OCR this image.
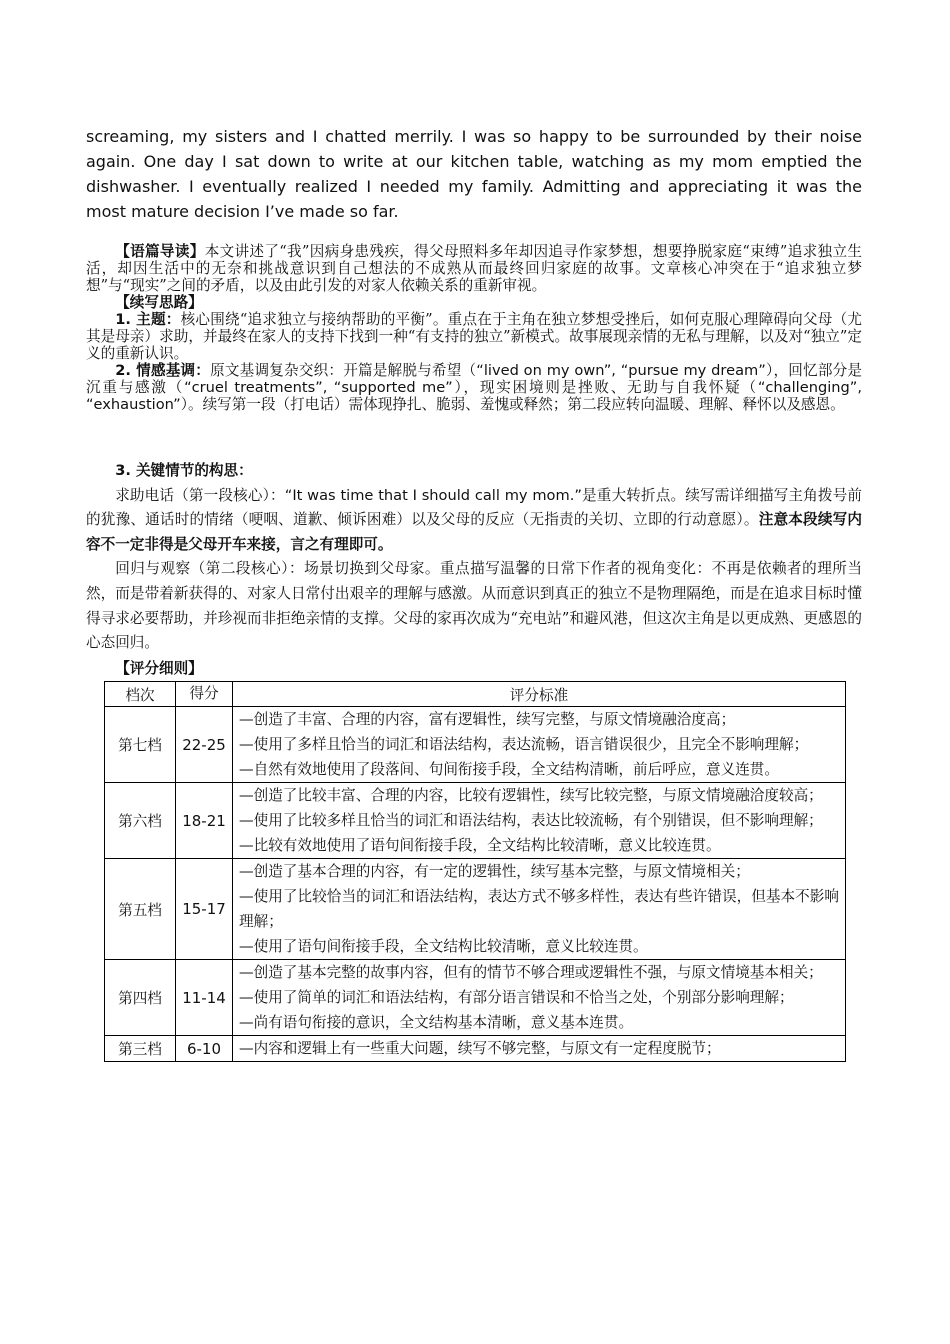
screaming, my sisters and I chatted merrily. I was so happy to be surrounded by their noise again. One day I sat down to write at our kitchen table, watching as my mom emptied the dishwasher. I eventually realized I needed my family. Admitting and appreciating it was the most mature decision I’ve made so far.

【语篇导读】本文讲述了“我”因病身患残疾，得父母照料多年却因追寻作家梦想，想要挣脱家庭“束缚”追求独立生活，却因生活中的无奈和挑战意识到自己想法的不成熟从而最终回归家庭的故事。文章核心冲突在于“追求独立梦想”与“现实”之间的矛盾，以及由此引发的对家人依赖关系的重新审视。

【续写思路】

1. 主题：核心围绕“追求独立与接纳帮助的平衡”。重点在于主角在独立梦想受挫后，如何克服心理障碍向父母（尤其是母亲）求助，并最终在家人的支持下找到一种“有支持的独立”新模式。故事展现亲情的无私与理解，以及对“独立”定义的重新认识。

2. 情感基调：原文基调复杂交织：开篇是解脱与希望（“lived on my own”, “pursue my dream”），回忆部分是沉重与感激（“cruel treatments”, “supported me”），现实困境则是挫败、无助与自我怀疑（“challenging”, “exhaustion”）。续写第一段（打电话）需体现挣扎、脆弱、羞愧或释然；第二段应转向温暖、理解、释怀以及感恩。

3. 关键情节的构思：

求助电话（第一段核心）：“It was time that I should call my mom.”是重大转折点。续写需详细描写主角拨号前的犹豫、通话时的情绪（哽咽、道歉、倾诉困难）以及父母的反应（无指责的关切、立即的行动意愿）。注意本段续写内容不一定非得是父母开车来接，言之有理即可。

回归与观察（第二段核心）：场景切换到父母家。重点描写温馨的日常下作者的视角变化：不再是依赖者的理所当然，而是带着新获得的、对家人日常付出艰辛的理解与感激。从而意识到真正的独立不是物理隔绝，而是在追求目标时懂得寻求必要帮助，并珍视而非拒绝亲情的支撑。父母的家再次成为“充电站”和避风港，但这次主角是以更成熟、更感恩的心态回归。

【评分细则】
档次	得分	评分标准
第七档	22-25	—创造了丰富、合理的内容，富有逻辑性，续写完整，与原文情境融洽度高；
—使用了多样且恰当的词汇和语法结构，表达流畅，语言错误很少，且完全不影响理解；
—自然有效地使用了段落间、句间衔接手段，全文结构清晰，前后呼应，意义连贯。

第六档	18-21	—创造了比较丰富、合理的内容，比较有逻辑性，续写比较完整，与原文情境融洽度较高；
—使用了比较多样且恰当的词汇和语法结构，表达比较流畅，有个别错误，但不影响理解；
—比较有效地使用了语句间衔接手段，全文结构比较清晰，意义比较连贯。

第五档	15-17	—创造了基本合理的内容，有一定的逻辑性，续写基本完整，与原文情境相关；
—使用了比较恰当的词汇和语法结构，表达方式不够多样性，表达有些许错误，但基本不影响理解；
—使用了语句间衔接手段，全文结构比较清晰，意义比较连贯。

第四档	11-14	—创造了基本完整的故事内容，但有的情节不够合理或逻辑性不强，与原文情境基本相关；
—使用了简单的词汇和语法结构，有部分语言错误和不恰当之处，个别部分影响理解；
—尚有语句衔接的意识，全文结构基本清晰，意义基本连贯。

第三档	6-10	—内容和逻辑上有一些重大问题，续写不够完整，与原文有一定程度脱节；
